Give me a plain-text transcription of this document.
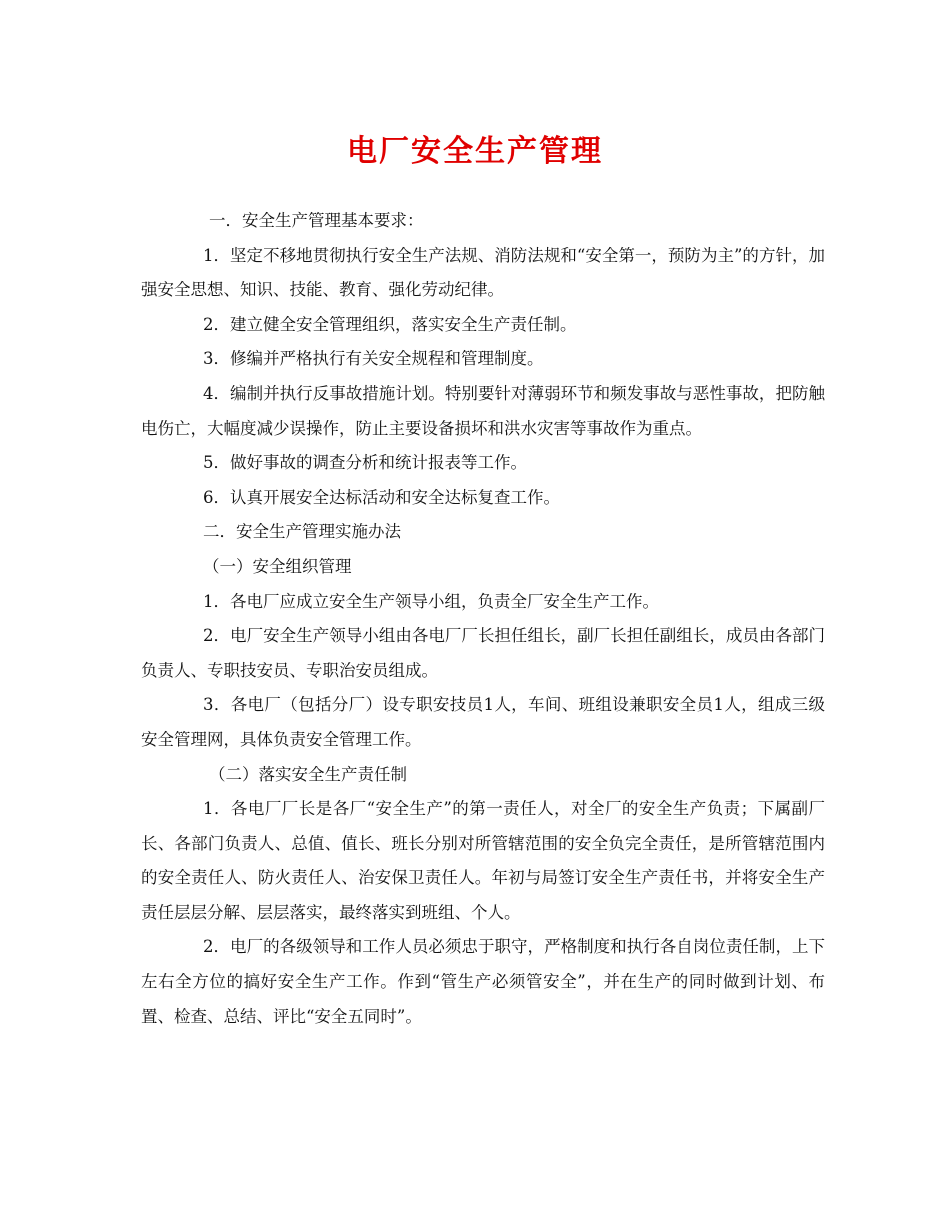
电厂安全生产管理

一．安全生产管理基本要求：

1．坚定不移地贯彻执行安全生产法规、消防法规和“安全第一，预防为主”的方针，加强安全思想、知识、技能、教育、强化劳动纪律。

2．建立健全安全管理组织，落实安全生产责任制。

3．修编并严格执行有关安全规程和管理制度。

4．编制并执行反事故措施计划。特别要针对薄弱环节和频发事故与恶性事故，把防触电伤亡，大幅度减少误操作，防止主要设备损坏和洪水灾害等事故作为重点。

5．做好事故的调查分析和统计报表等工作。

6．认真开展安全达标活动和安全达标复查工作。

二．安全生产管理实施办法

（一）安全组织管理

1．各电厂应成立安全生产领导小组，负责全厂安全生产工作。

2．电厂安全生产领导小组由各电厂厂长担任组长，副厂长担任副组长，成员由各部门负责人、专职技安员、专职治安员组成。

3．各电厂（包括分厂）设专职安技员1人，车间、班组设兼职安全员1人，组成三级安全管理网，具体负责安全管理工作。

（二）落实安全生产责任制

1．各电厂厂长是各厂“安全生产”的第一责任人，对全厂的安全生产负责；下属副厂长、各部门负责人、总值、值长、班长分别对所管辖范围的安全负完全责任，是所管辖范围内的安全责任人、防火责任人、治安保卫责任人。年初与局签订安全生产责任书，并将安全生产责任层层分解、层层落实，最终落实到班组、个人。

2．电厂的各级领导和工作人员必须忠于职守，严格制度和执行各自岗位责任制，上下左右全方位的搞好安全生产工作。作到“管生产必须管安全”，并在生产的同时做到计划、布置、检查、总结、评比“安全五同时”。
